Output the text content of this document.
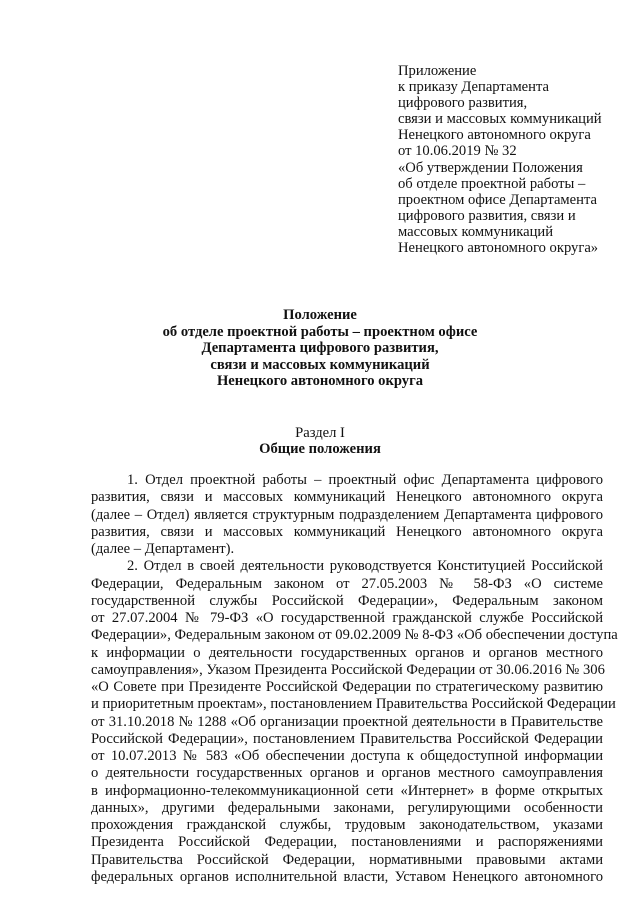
Приложение
к приказу Департамента
цифрового развития,
связи и массовых коммуникаций
Ненецкого автономного округа
от 10.06.2019 № 32
«Об утверждении Положения
об отделе проектной работы –
проектном офисе Департамента
цифрового развития, связи и
массовых коммуникаций
Ненецкого автономного округа»
Положение
об отделе проектной работы – проектном офисе
Департамента цифрового развития,
связи и массовых коммуникаций
Ненецкого автономного округа
Раздел I
Общие положения
1. Отдел проектной работы – проектный офис Департамента цифрового
развития, связи и массовых коммуникаций Ненецкого автономного округа
(далее – Отдел) является структурным подразделением Департамента цифрового
развития, связи и массовых коммуникаций Ненецкого автономного округа
(далее – Департамент).
2. Отдел в своей деятельности руководствуется Конституцией Российской
Федерации, Федеральным законом от 27.05.2003 № 58-ФЗ «О системе
государственной службы Российской Федерации», Федеральным законом
от 27.07.2004 № 79-ФЗ «О государственной гражданской службе Российской
Федерации», Федеральным законом от 09.02.2009 № 8-ФЗ «Об обеспечении доступа
к информации о деятельности государственных органов и органов местного
самоуправления», Указом Президента Российской Федерации от 30.06.2016 № 306
«О Совете при Президенте Российской Федерации по стратегическому развитию
и приоритетным проектам», постановлением Правительства Российской Федерации
от 31.10.2018 № 1288 «Об организации проектной деятельности в Правительстве
Российской Федерации», постановлением Правительства Российской Федерации
от 10.07.2013 № 583 «Об обеспечении доступа к общедоступной информации
о деятельности государственных органов и органов местного самоуправления
в информационно-телекоммуникационной сети «Интернет» в форме открытых
данных», другими федеральными законами, регулирующими особенности
прохождения гражданской службы, трудовым законодательством, указами
Президента Российской Федерации, постановлениями и распоряжениями
Правительства Российской Федерации, нормативными правовыми актами
федеральных органов исполнительной власти, Уставом Ненецкого автономного
